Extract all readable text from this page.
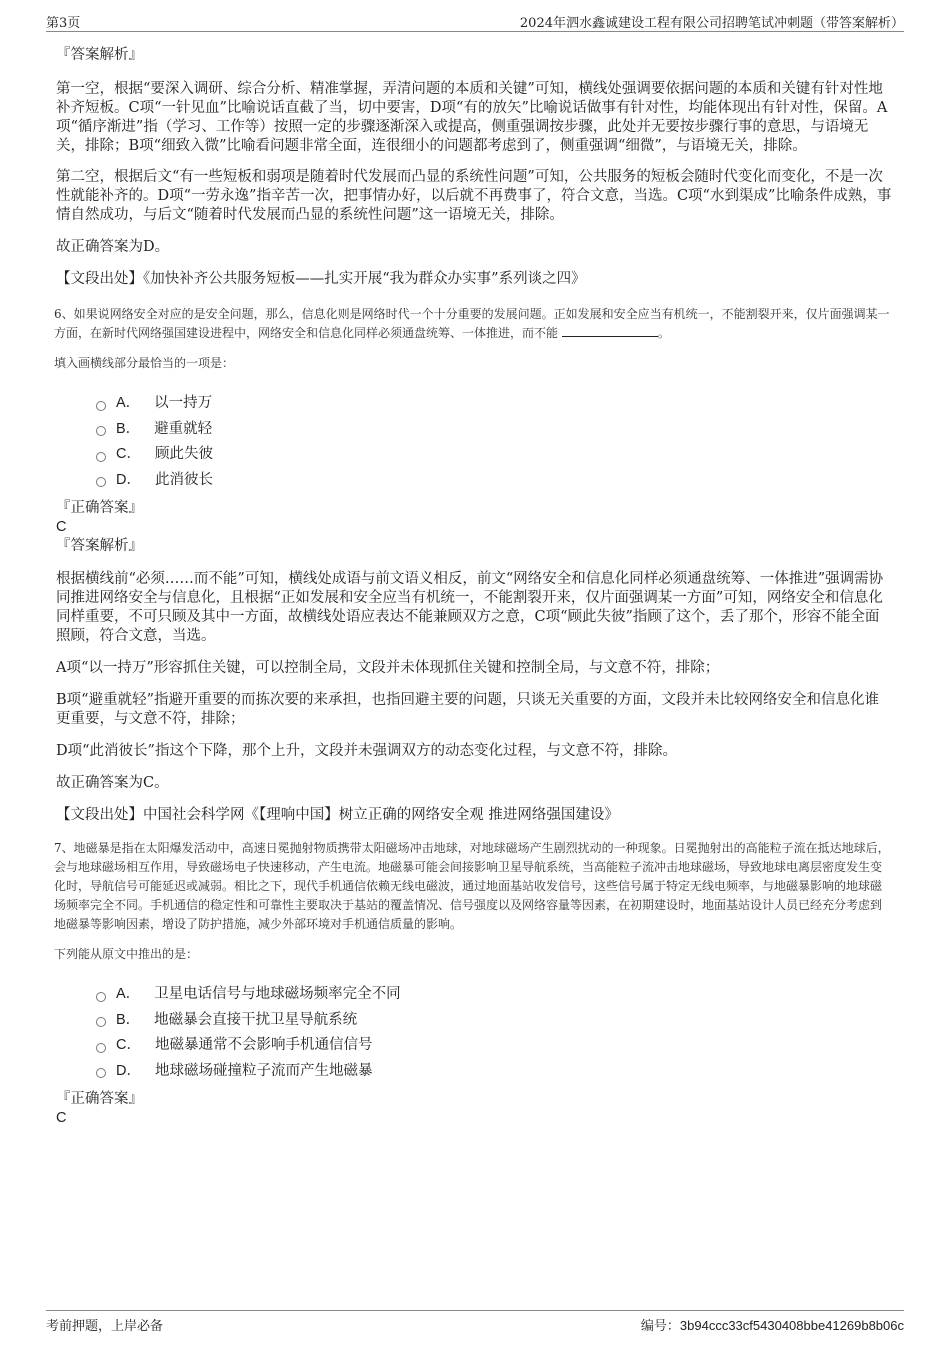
第3页	2024年泗水鑫诚建设工程有限公司招聘笔试冲刺题（带答案解析）

『答案解析』

第一空，根据“要深入调研、综合分析、精准掌握，弄清问题的本质和关键”可知，横线处强调要依据问题的本质和关键有针对性地补齐短板。C项“一针见血”比喻说话直截了当，切中要害，D项“有的放矢”比喻说话做事有针对性，均能体现出有针对性，保留。A项“循序渐进”指（学习、工作等）按照一定的步骤逐渐深入或提高，侧重强调按步骤，此处并无要按步骤行事的意思，与语境无关，排除；B项“细致入微”比喻看问题非常全面，连很细小的问题都考虑到了，侧重强调“细微”，与语境无关，排除。

第二空，根据后文“有一些短板和弱项是随着时代发展而凸显的系统性问题”可知，公共服务的短板会随时代变化而变化，不是一次性就能补齐的。D项“一劳永逸”指辛苦一次，把事情办好，以后就不再费事了，符合文意，当选。C项“水到渠成”比喻条件成熟，事情自然成功，与后文“随着时代发展而凸显的系统性问题”这一语境无关，排除。

故正确答案为D。

【文段出处】《加快补齐公共服务短板——扎实开展“我为群众办实事”系列谈之四》

6、如果说网络安全对应的是安全问题，那么，信息化则是网络时代一个十分重要的发展问题。正如发展和安全应当有机统一，不能割裂开来，仅片面强调某一方面，在新时代网络强国建设进程中，网络安全和信息化同样必须通盘统筹、一体推进，而不能	。

填入画横线部分最恰当的一项是：

A． 以一持万
B． 避重就轻
C． 顾此失彼
D． 此消彼长

『正确答案』

C

『答案解析』

根据横线前“必须……而不能”可知，横线处成语与前文语义相反，前文“网络安全和信息化同样必须通盘统筹、一体推进”强调需协同推进网络安全与信息化，且根据“正如发展和安全应当有机统一，不能割裂开来，仅片面强调某一方面”可知，网络安全和信息化同样重要，不可只顾及其中一方面，故横线处语应表达不能兼顾双方之意，C项“顾此失彼”指顾了这个，丢了那个，形容不能全面照顾，符合文意，当选。

A项“以一持万”形容抓住关键，可以控制全局，文段并未体现抓住关键和控制全局，与文意不符，排除；

B项“避重就轻”指避开重要的而拣次要的来承担，也指回避主要的问题，只谈无关重要的方面，文段并未比较网络安全和信息化谁更重要，与文意不符，排除；

D项“此消彼长”指这个下降，那个上升，文段并未强调双方的动态变化过程，与文意不符，排除。

故正确答案为C。

【文段出处】中国社会科学网《【理响中国】树立正确的网络安全观 推进网络强国建设》

7、地磁暴是指在太阳爆发活动中，高速日冕抛射物质携带太阳磁场冲击地球，对地球磁场产生剧烈扰动的一种现象。日冕抛射出的高能粒子流在抵达地球后，会与地球磁场相互作用，导致磁场电子快速移动，产生电流。地磁暴可能会间接影响卫星导航系统，当高能粒子流冲击地球磁场，导致地球电离层密度发生变化时，导航信号可能延迟或减弱。相比之下，现代手机通信依赖无线电磁波，通过地面基站收发信号，这些信号属于特定无线电频率，与地磁暴影响的地球磁场频率完全不同。手机通信的稳定性和可靠性主要取决于基站的覆盖情况、信号强度以及网络容量等因素，在初期建设时，地面基站设计人员已经充分考虑到地磁暴等影响因素，增设了防护措施，减少外部环境对手机通信质量的影响。

下列能从原文中推出的是：

A． 卫星电话信号与地球磁场频率完全不同
B． 地磁暴会直接干扰卫星导航系统
C． 地磁暴通常不会影响手机通信信号
D． 地球磁场碰撞粒子流而产生地磁暴

『正确答案』

C

考前押题，上岸必备	编号：3b94ccc33cf5430408bbe41269b8b06c
